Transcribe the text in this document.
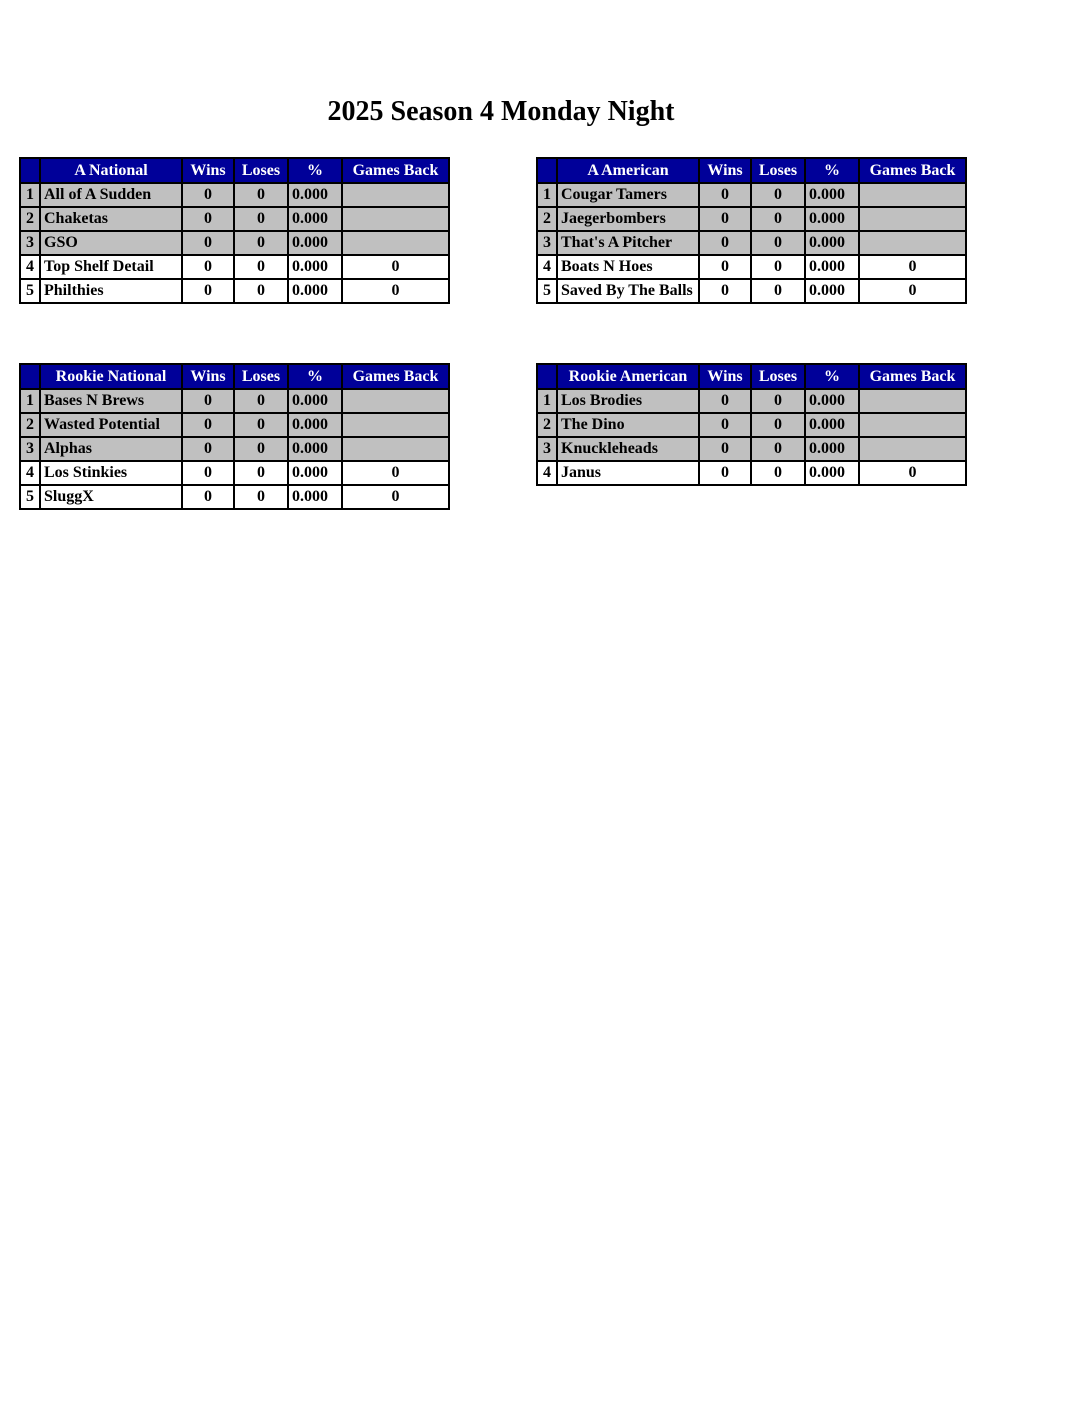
2025 Season 4 Monday Night
	A National	Wins	Loses	%	Games Back
1	All of A Sudden	0	0	0.000	
2	Chaketas	0	0	0.000	
3	GSO	0	0	0.000	
4	Top Shelf Detail	0	0	0.000	0
5	Philthies	0	0	0.000	0
	A American	Wins	Loses	%	Games Back
1	Cougar Tamers	0	0	0.000	
2	Jaegerbombers	0	0	0.000	
3	That's A Pitcher	0	0	0.000	
4	Boats N Hoes	0	0	0.000	0
5	Saved By The Balls	0	0	0.000	0
	Rookie National	Wins	Loses	%	Games Back
1	Bases N Brews	0	0	0.000	
2	Wasted Potential	0	0	0.000	
3	Alphas	0	0	0.000	
4	Los Stinkies	0	0	0.000	0
5	SluggX	0	0	0.000	0
	Rookie American	Wins	Loses	%	Games Back
1	Los Brodies	0	0	0.000	
2	The Dino	0	0	0.000	
3	Knuckleheads	0	0	0.000	
4	Janus	0	0	0.000	0
